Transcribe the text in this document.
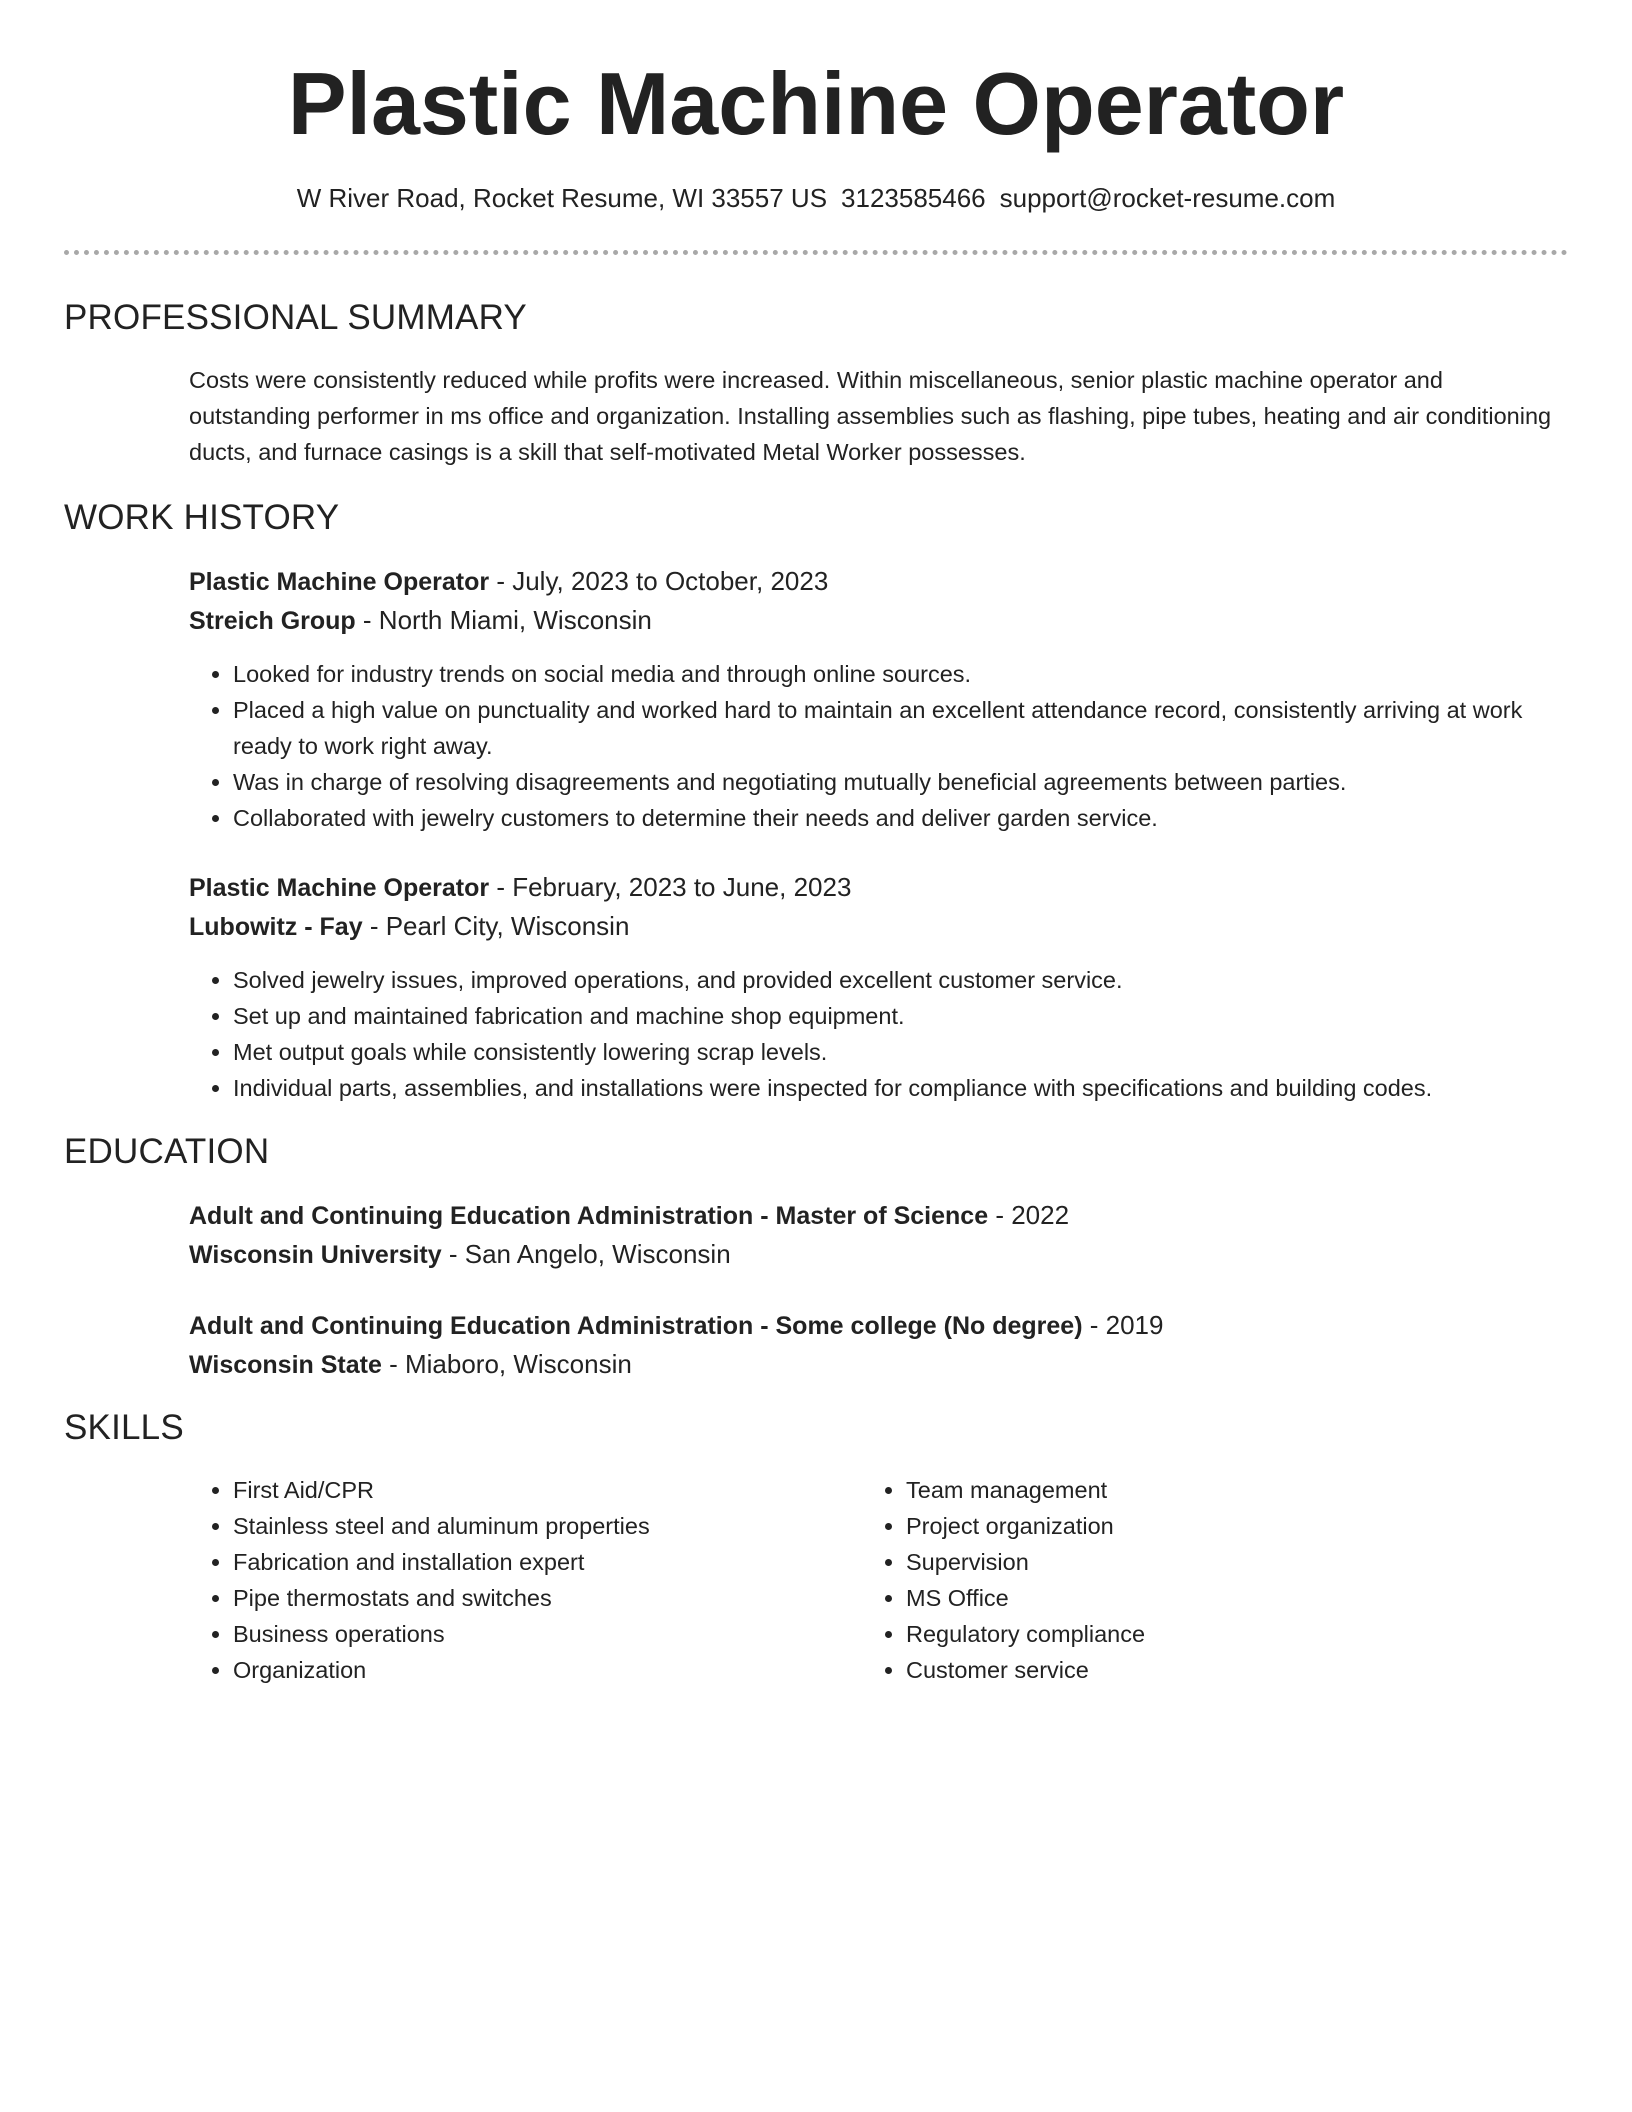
Plastic Machine Operator
W River Road, Rocket Resume, WI 33557 US 3123585466 support@rocket-resume.com
PROFESSIONAL SUMMARY

Costs were consistently reduced while profits were increased. Within miscellaneous, senior plastic machine operator and outstanding performer in ms office and organization. Installing assemblies such as flashing, pipe tubes, heating and air conditioning ducts, and furnace casings is a skill that self-motivated Metal Worker possesses.

WORK HISTORY
Plastic Machine Operator - July, 2023 to October, 2023
Streich Group - North Miami, Wisconsin
• Looked for industry trends on social media and through online sources.
• Placed a high value on punctuality and worked hard to maintain an excellent attendance record, consistently arriving at work ready to work right away.
• Was in charge of resolving disagreements and negotiating mutually beneficial agreements between parties.
• Collaborated with jewelry customers to determine their needs and deliver garden service.
Plastic Machine Operator - February, 2023 to June, 2023
Lubowitz - Fay - Pearl City, Wisconsin
• Solved jewelry issues, improved operations, and provided excellent customer service.
• Set up and maintained fabrication and machine shop equipment.
• Met output goals while consistently lowering scrap levels.
• Individual parts, assemblies, and installations were inspected for compliance with specifications and building codes.
EDUCATION
Adult and Continuing Education Administration - Master of Science - 2022
Wisconsin University - San Angelo, Wisconsin
Adult and Continuing Education Administration - Some college (No degree) - 2019
Wisconsin State - Miaboro, Wisconsin
SKILLS
• First Aid/CPR
• Stainless steel and aluminum properties
• Fabrication and installation expert
• Pipe thermostats and switches
• Business operations
• Organization
• Team management
• Project organization
• Supervision
• MS Office
• Regulatory compliance
• Customer service
